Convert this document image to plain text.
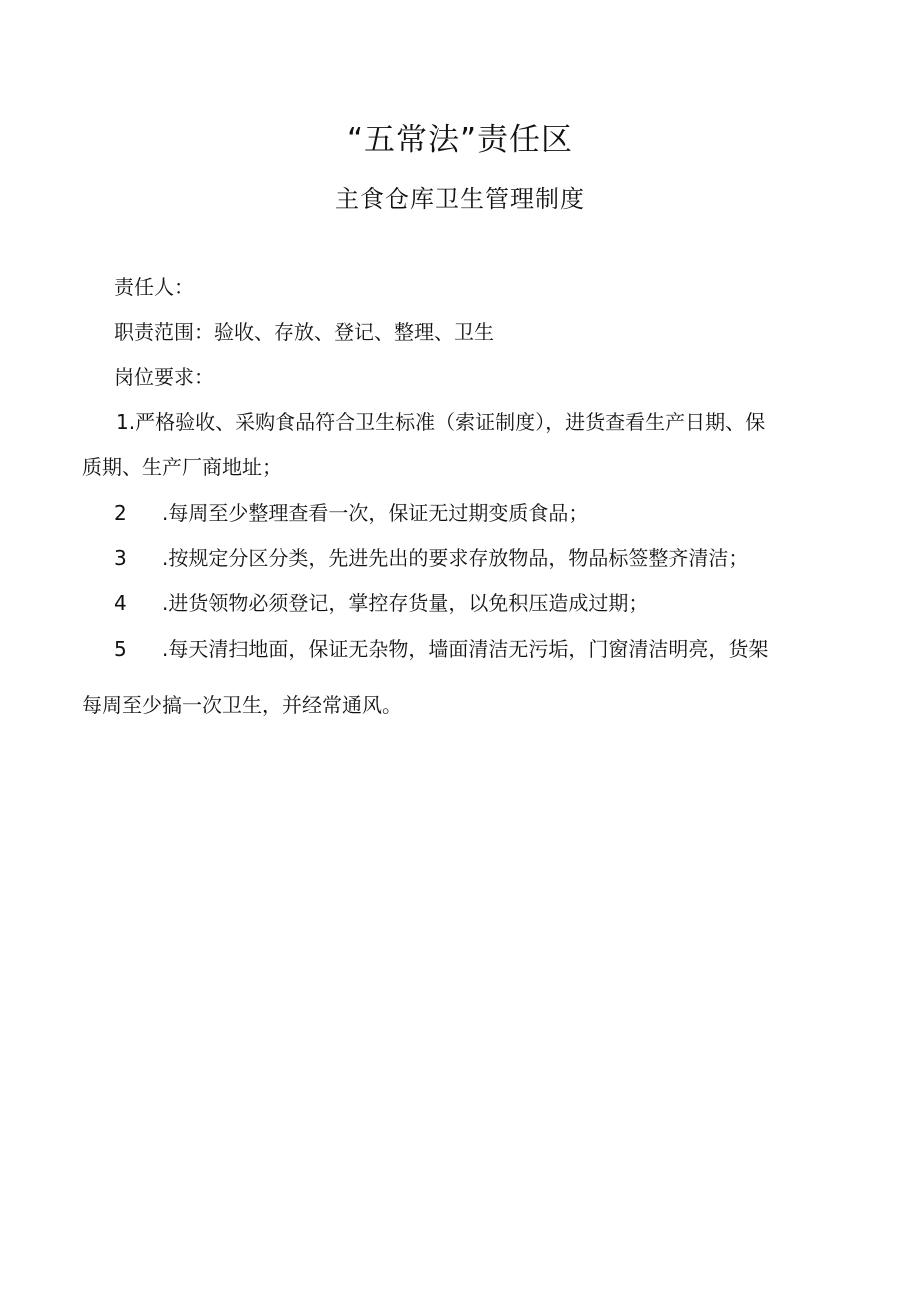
“五常法”责任区
主食仓库卫生管理制度
责任人：
职责范围：验收、存放、登记、整理、卫生
岗位要求：
1.严格验收、采购食品符合卫生标准（索证制度），进货查看生产日期、保
质期、生产厂商地址；
2 .每周至少整理查看一次，保证无过期变质食品；
3 .按规定分区分类，先进先出的要求存放物品，物品标签整齐清洁；
4 .进货领物必须登记，掌控存货量，以免积压造成过期；
5 .每天清扫地面，保证无杂物，墙面清洁无污垢，门窗清洁明亮，货架
每周至少搞一次卫生，并经常通风。
